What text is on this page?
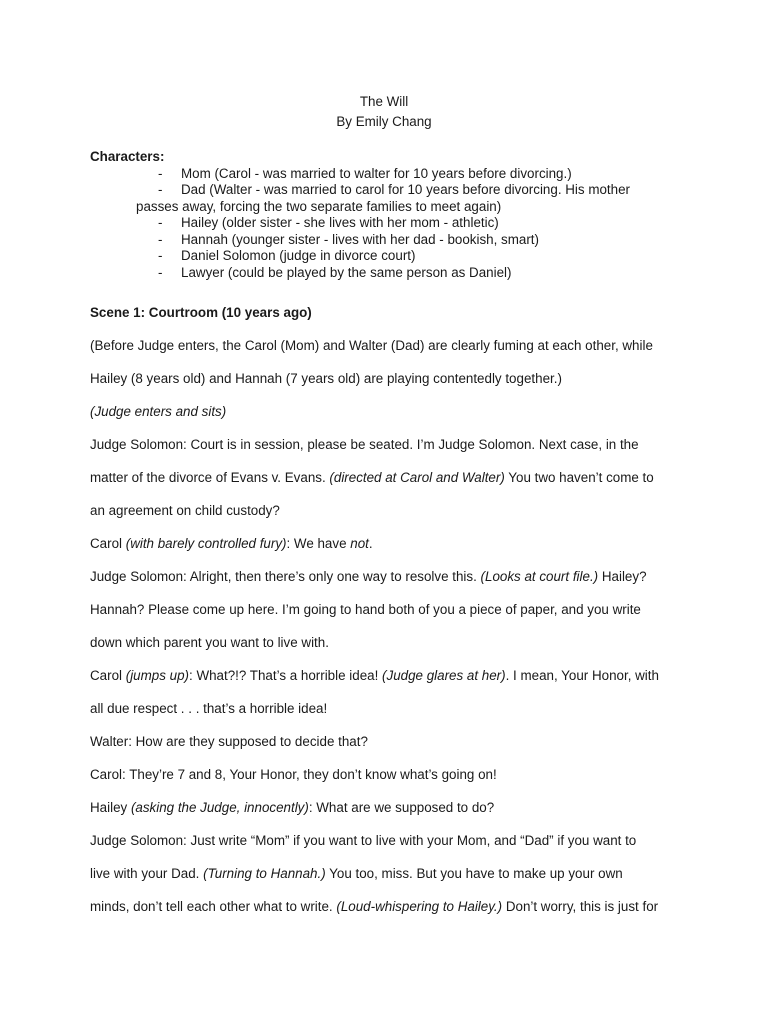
The Will
By Emily Chang
Characters:
- Mom (Carol - was married to walter for 10 years before divorcing.)
- Dad (Walter - was married to carol for 10 years before divorcing. His mother
passes away, forcing the two separate families to meet again)
- Hailey (older sister - she lives with her mom - athletic)
- Hannah (younger sister - lives with her dad - bookish, smart)
- Daniel Solomon (judge in divorce court)
- Lawyer (could be played by the same person as Daniel)
Scene 1: Courtroom (10 years ago)
(Before Judge enters, the Carol (Mom) and Walter (Dad) are clearly fuming at each other, while
Hailey (8 years old) and Hannah (7 years old) are playing contentedly together.)
(Judge enters and sits)
Judge Solomon: Court is in session, please be seated. I’m Judge Solomon. Next case, in the
matter of the divorce of Evans v. Evans. (directed at Carol and Walter) You two haven’t come to
an agreement on child custody?
Carol (with barely controlled fury): We have not.
Judge Solomon: Alright, then there’s only one way to resolve this. (Looks at court file.) Hailey?
Hannah? Please come up here. I’m going to hand both of you a piece of paper, and you write
down which parent you want to live with.
Carol (jumps up): What?!? That’s a horrible idea! (Judge glares at her). I mean, Your Honor, with
all due respect . . . that’s a horrible idea!
Walter: How are they supposed to decide that?
Carol: They’re 7 and 8, Your Honor, they don’t know what’s going on!
Hailey (asking the Judge, innocently): What are we supposed to do?
Judge Solomon: Just write “Mom” if you want to live with your Mom, and “Dad” if you want to
live with your Dad. (Turning to Hannah.) You too, miss. But you have to make up your own
minds, don’t tell each other what to write. (Loud-whispering to Hailey.) Don’t worry, this is just for
